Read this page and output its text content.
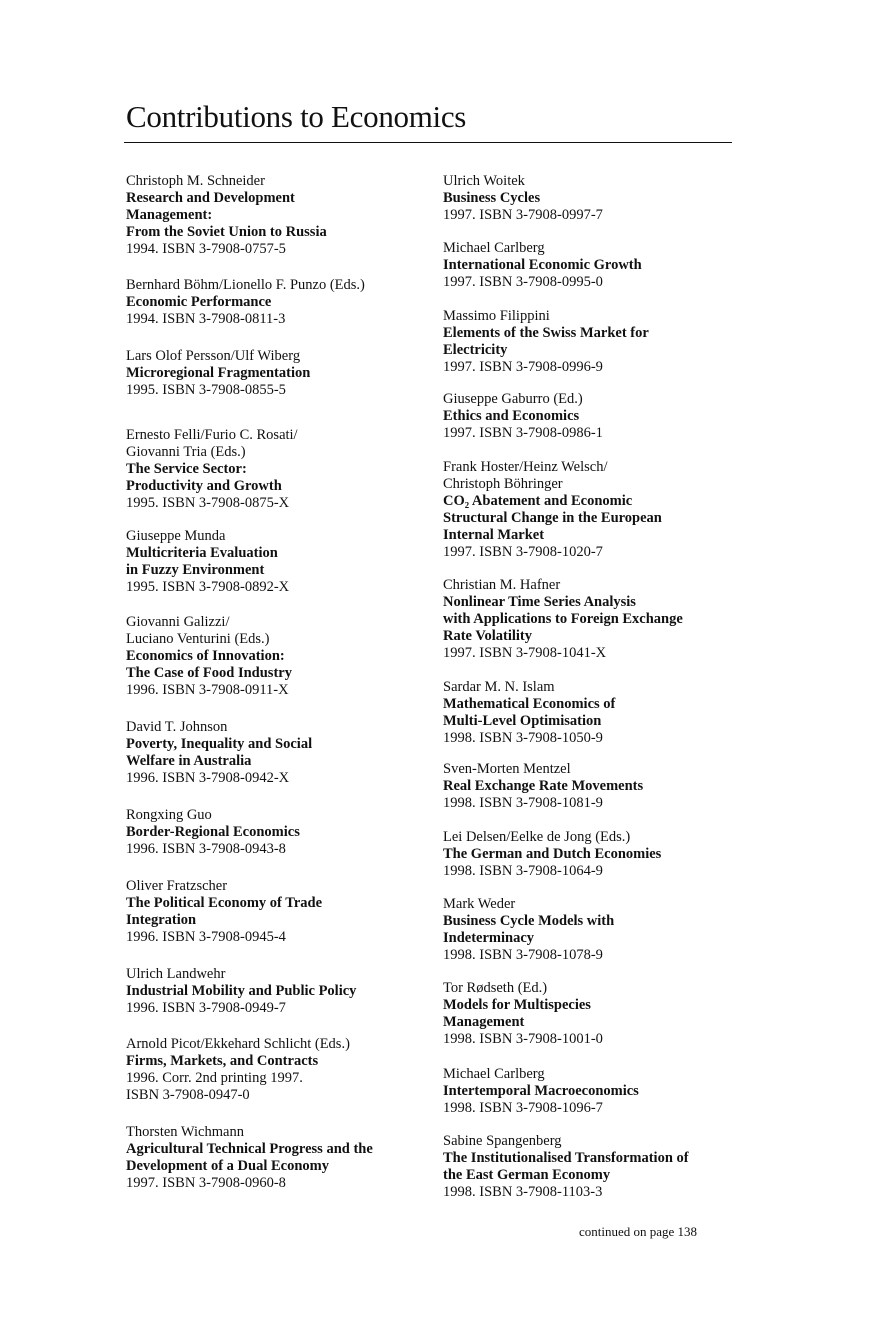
Contributions to Economics
Christoph M. Schneider
Research and Development
Management:
From the Soviet Union to Russia
1994. ISBN 3-7908-0757-5
Bernhard Böhm/Lionello F. Punzo (Eds.)
Economic Performance
1994. ISBN 3-7908-0811-3
Lars Olof Persson/Ulf Wiberg
Microregional Fragmentation
1995. ISBN 3-7908-0855-5
Ernesto Felli/Furio C. Rosati/
Giovanni Tria (Eds.)
The Service Sector:
Productivity and Growth
1995. ISBN 3-7908-0875-X
Giuseppe Munda
Multicriteria Evaluation
in Fuzzy Environment
1995. ISBN 3-7908-0892-X
Giovanni Galizzi/
Luciano Venturini (Eds.)
Economics of Innovation:
The Case of Food Industry
1996. ISBN 3-7908-0911-X
David T. Johnson
Poverty, Inequality and Social
Welfare in Australia
1996. ISBN 3-7908-0942-X
Rongxing Guo
Border-Regional Economics
1996. ISBN 3-7908-0943-8
Oliver Fratzscher
The Political Economy of Trade
Integration
1996. ISBN 3-7908-0945-4
Ulrich Landwehr
Industrial Mobility and Public Policy
1996. ISBN 3-7908-0949-7
Arnold Picot/Ekkehard Schlicht (Eds.)
Firms, Markets, and Contracts
1996. Corr. 2nd printing 1997.
ISBN 3-7908-0947-0
Thorsten Wichmann
Agricultural Technical Progress and the
Development of a Dual Economy
1997. ISBN 3-7908-0960-8
Ulrich Woitek
Business Cycles
1997. ISBN 3-7908-0997-7
Michael Carlberg
International Economic Growth
1997. ISBN 3-7908-0995-0
Massimo Filippini
Elements of the Swiss Market for
Electricity
1997. ISBN 3-7908-0996-9
Giuseppe Gaburro (Ed.)
Ethics and Economics
1997. ISBN 3-7908-0986-1
Frank Hoster/Heinz Welsch/
Christoph Böhringer
CO₂ Abatement and Economic
Structural Change in the European
Internal Market
1997. ISBN 3-7908-1020-7
Christian M. Hafner
Nonlinear Time Series Analysis
with Applications to Foreign Exchange
Rate Volatility
1997. ISBN 3-7908-1041-X
Sardar M. N. Islam
Mathematical Economics of
Multi-Level Optimisation
1998. ISBN 3-7908-1050-9
Sven-Morten Mentzel
Real Exchange Rate Movements
1998. ISBN 3-7908-1081-9
Lei Delsen/Eelke de Jong (Eds.)
The German and Dutch Economies
1998. ISBN 3-7908-1064-9
Mark Weder
Business Cycle Models with
Indeterminacy
1998. ISBN 3-7908-1078-9
Tor Rødseth (Ed.)
Models for Multispecies
Management
1998. ISBN 3-7908-1001-0
Michael Carlberg
Intertemporal Macroeconomics
1998. ISBN 3-7908-1096-7
Sabine Spangenberg
The Institutionalised Transformation of
the East German Economy
1998. ISBN 3-7908-1103-3
continued on page 138
